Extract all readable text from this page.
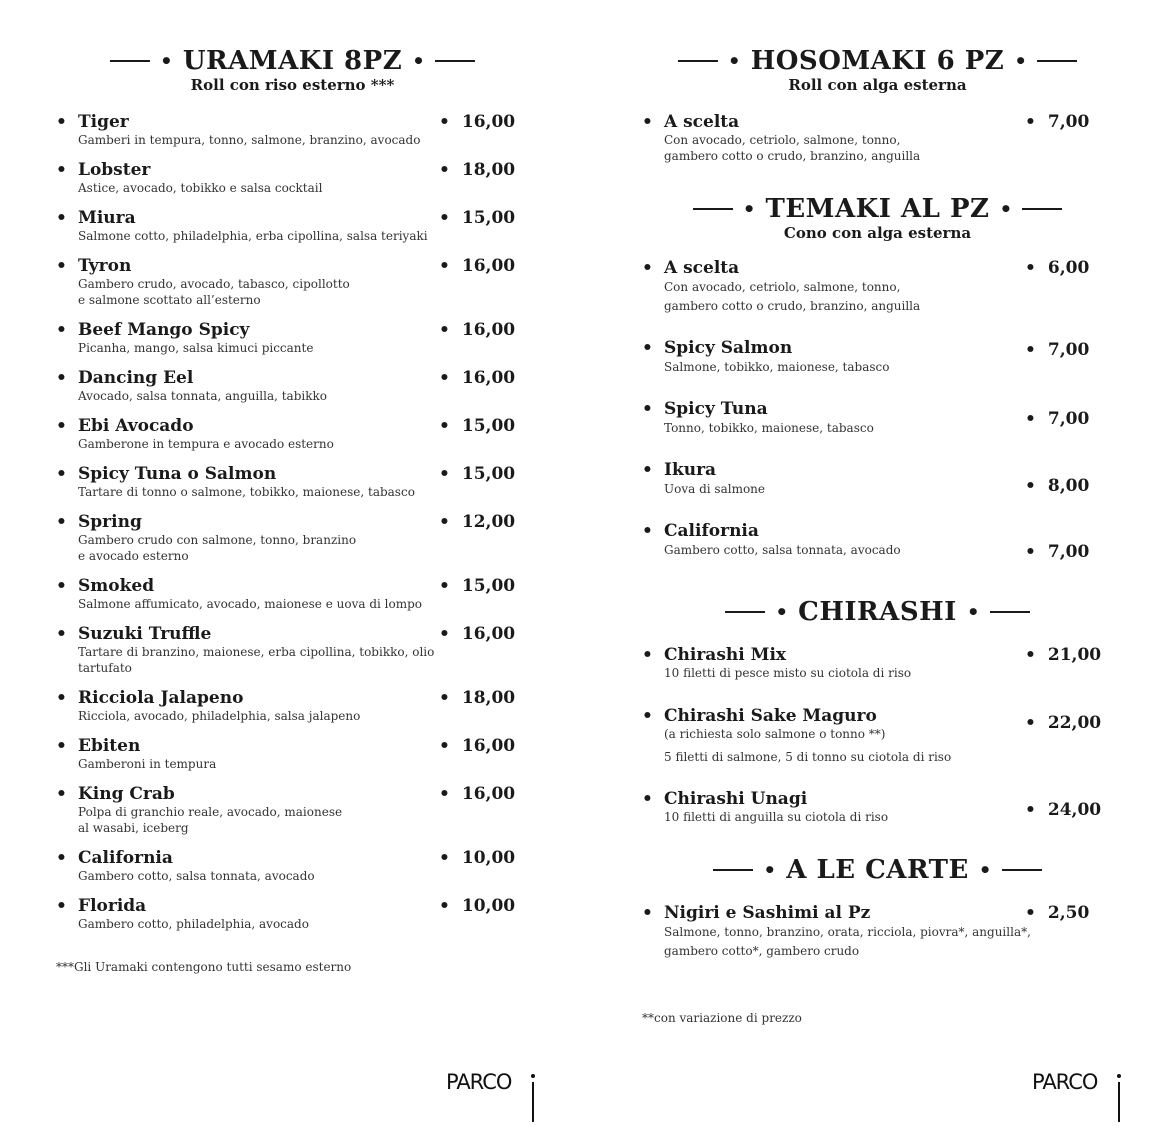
• URAMAKI 8PZ •
Roll con riso esterno ***
• Tiger
Gamberi in tempura, tonno, salmone, branzino, avocado
• 16,00
• Lobster
Astice, avocado, tobikko e salsa cocktail
• 18,00
• Miura
Salmone cotto, philadelphia, erba cipollina, salsa teriyaki
• 15,00
• Tyron
Gambero crudo, avocado, tabasco, cipollotto
e salmone scottato all’esterno
• 16,00
• Beef Mango Spicy
Picanha, mango, salsa kimuci piccante
• 16,00
• Dancing Eel
Avocado, salsa tonnata, anguilla, tabikko
• 16,00
• Ebi Avocado
Gamberone in tempura e avocado esterno
• 15,00
• Spicy Tuna o Salmon
Tartare di tonno o salmone, tobikko, maionese, tabasco
• 15,00
• Spring
Gambero crudo con salmone, tonno, branzino
e avocado esterno
• 12,00
• Smoked
Salmone affumicato, avocado, maionese e uova di lompo
• 15,00
• Suzuki Truffle
Tartare di branzino, maionese, erba cipollina, tobikko, olio
tartufato
• 16,00
• Ricciola Jalapeno
Ricciola, avocado, philadelphia, salsa jalapeno
• 18,00
• Ebiten
Gamberoni in tempura
• 16,00
• King Crab
Polpa di granchio reale, avocado, maionese
al wasabi, iceberg
• 16,00
• California
Gambero cotto, salsa tonnata, avocado
• 10,00
• Florida
Gambero cotto, philadelphia, avocado
• 10,00
***Gli Uramaki contengono tutti sesamo esterno
PARCO
• HOSOMAKI 6 PZ •
Roll con alga esterna
• TEMAKI AL PZ •
Cono con alga esterna
• CHIRASHI •
• A LE CARTE •
• A scelta
Con avocado, cetriolo, salmone, tonno,
gambero cotto o crudo, branzino, anguilla
• 7,00
• A scelta
Con avocado, cetriolo, salmone, tonno,
gambero cotto o crudo, branzino, anguilla
• 6,00
• Spicy Salmon
Salmone, tobikko, maionese, tabasco
• 7,00
• Spicy Tuna
Tonno, tobikko, maionese, tabasco	• 7,00
• Ikura
Uova di salmone	• 8,00
• California
Gambero cotto, salsa tonnata, avocado	• 7,00
• Chirashi Mix
10 filetti di pesce misto su ciotola di riso
• 21,00
• Chirashi Sake Maguro
(a richiesta solo salmone o tonno **)
5 filetti di salmone, 5 di tonno su ciotola di riso
• 22,00
• Chirashi Unagi
10 filetti di anguilla su ciotola di riso	• 24,00
• Nigiri e Sashimi al Pz
Salmone, tonno, branzino, orata, ricciola, piovra*, anguilla*,
gambero cotto*, gambero crudo
• 2,50
**con variazione di prezzo
PARCO
